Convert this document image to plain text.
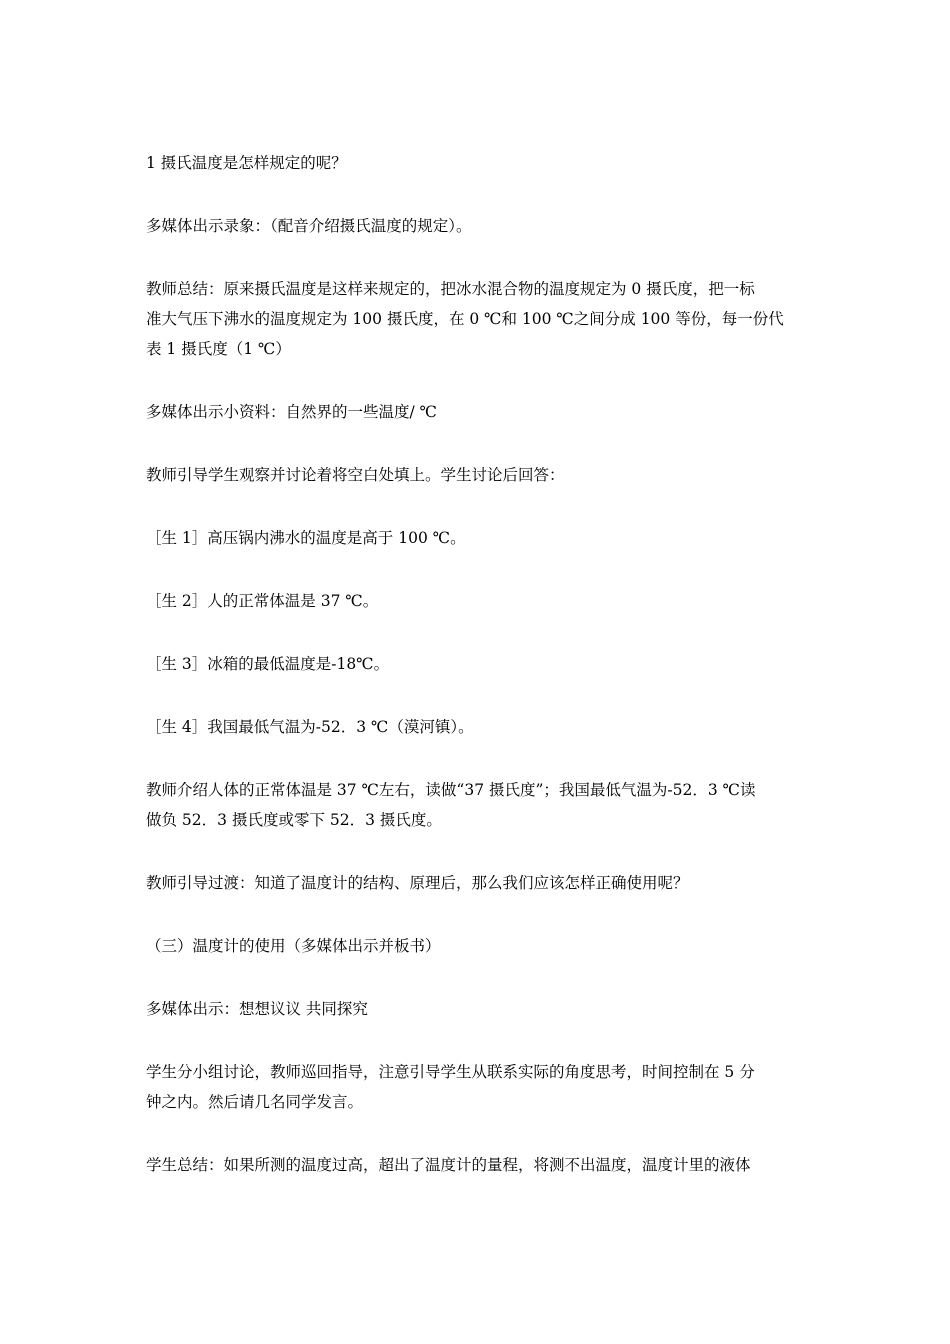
1 摄氏温度是怎样规定的呢？

多媒体出示录象：（配音介绍摄氏温度的规定）。

教师总结：原来摄氏温度是这样来规定的，把冰水混合物的温度规定为 0 摄氏度，把一标
准大气压下沸水的温度规定为 100 摄氏度，在 0 ℃和 100 ℃之间分成 100 等份，每一份代
表 1 摄氏度（1 ℃）

多媒体出示小资料：自然界的一些温度/ ℃

教师引导学生观察并讨论着将空白处填上。学生讨论后回答：

［生 1］高压锅内沸水的温度是高于 100 ℃。

［生 2］人的正常体温是 37 ℃。

［生 3］冰箱的最低温度是-18℃。

［生 4］我国最低气温为-52．3 ℃（漠河镇）。

教师介绍人体的正常体温是 37 ℃左右，读做“37 摄氏度”；我国最低气温为-52．3 ℃读
做负 52．3 摄氏度或零下 52．3 摄氏度。

教师引导过渡：知道了温度计的结构、原理后，那么我们应该怎样正确使用呢？

（三）温度计的使用（多媒体出示并板书）

多媒体出示：想想议议 共同探究

学生分小组讨论，教师巡回指导，注意引导学生从联系实际的角度思考，时间控制在 5 分
钟之内。然后请几名同学发言。

学生总结：如果所测的温度过高，超出了温度计的量程，将测不出温度，温度计里的液体
